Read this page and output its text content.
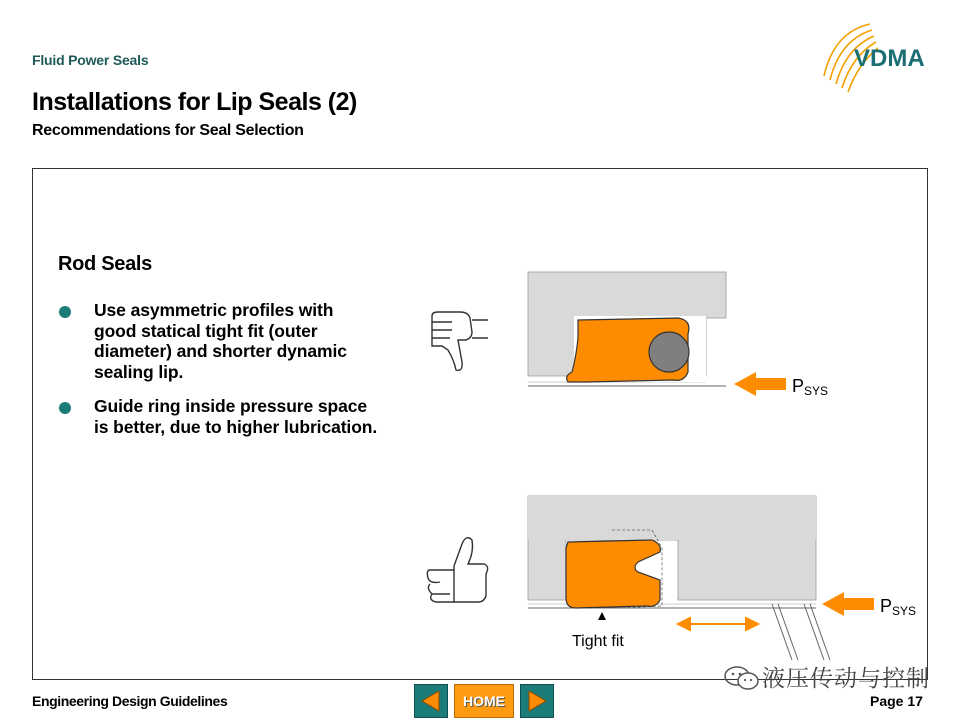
Fluid Power Seals	VDMA
Installations for Lip Seals (2)
Recommendations for Seal Selection
Rod Seals
Use asymmetric profiles with good statical tight fit (outer diameter) and shorter dynamic sealing lip.
Guide ring inside pressure space is better, due to higher lubrication.
PSYS
Tight fit
PSYS
Engineering Design Guidelines	HOME	Page 17
液压传动与控制
